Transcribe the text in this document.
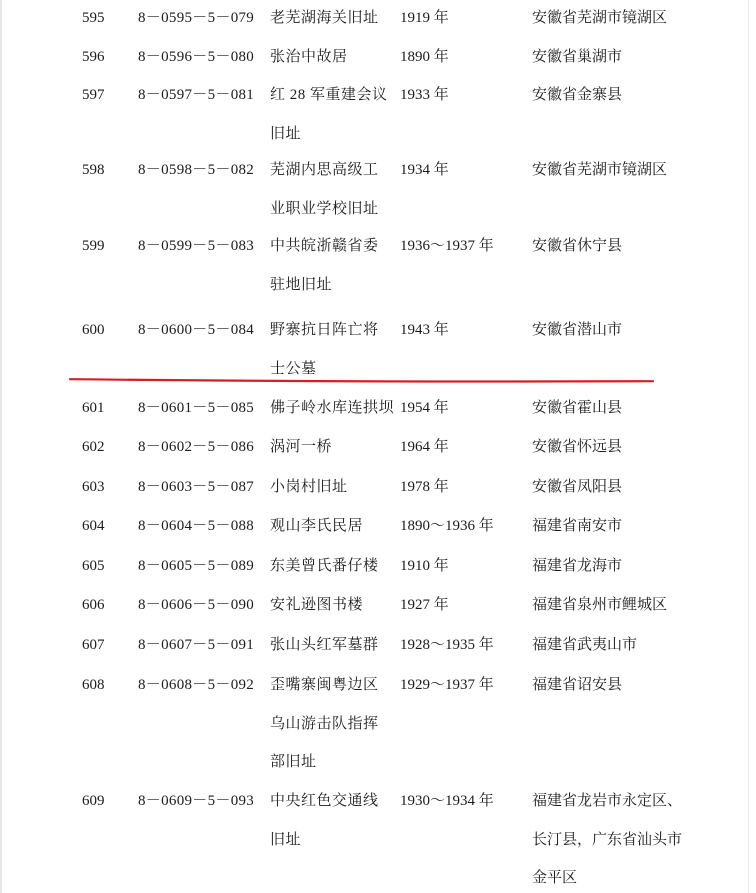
595 8－0595－5－079 老芜湖海关旧址 1919 年	安徽省芜湖市镜湖区
596 8－0596－5－080 张治中故居	1890 年	安徽省巢湖市
597 8－0597－5－081 红 28 军重建会议
旧址
1933 年	安徽省金寨县
598 8－0598－5－082 芜湖内思高级工
业职业学校旧址
1934 年	安徽省芜湖市镜湖区
599 8－0599－5－083 中共皖浙赣省委
驻地旧址
1936～1937 年	安徽省休宁县
600 8－0600－5－084 野寨抗日阵亡将
士公墓
1943 年	安徽省潜山市
601 8－0601－5－085 佛子岭水库连拱坝 1954 年	安徽省霍山县
602 8－0602－5－086 涡河一桥	1964 年	安徽省怀远县
603 8－0603－5－087 小岗村旧址	1978 年	安徽省凤阳县
604 8－0604－5－088 观山李氏民居 1890～1936 年	福建省南安市
605 8－0605－5－089 东美曾氏番仔楼 1910 年	福建省龙海市
606 8－0606－5－090 安礼逊图书楼 1927 年	福建省泉州市鲤城区
607 8－0607－5－091 张山头红军墓群 1928～1935 年	福建省武夷山市
608 8－0608－5－092 歪嘴寨闽粤边区
乌山游击队指挥
部旧址
1929～1937 年	福建省诏安县
609 8－0609－5－093 中央红色交通线
旧址
1930～1934 年	福建省龙岩市永定区、
长汀县，广东省汕头市
金平区
